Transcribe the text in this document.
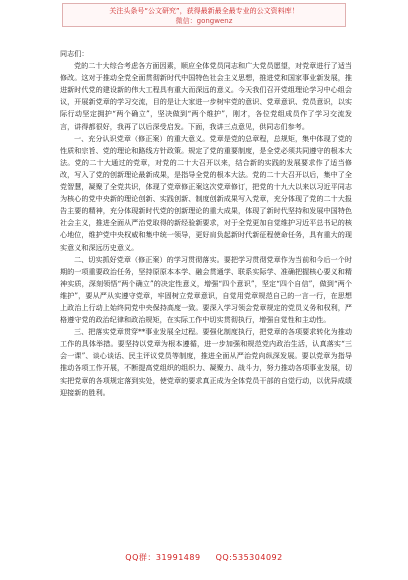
关注头条号“公文研究”，获得最新最全最专业的公文资料库！
微信：gongwenz

同志们：

党的二十大综合考虑各方面因素，顺应全体党员同志和广大党员愿望，对党章进行了适当修改。这对于推动全党全面贯彻新时代中国特色社会主义思想，推进党和国家事业新发展，推进新时代党的建设新的伟大工程具有重大而深远的意义。今天我们召开党组理论学习中心组会议，开展新党章的学习交流，目的是让大家进一步树牢党的意识、党章意识、党员意识，以实际行动坚定拥护“两个确立”，坚决做到“两个维护”，刚才，各位党组成员作了学习交流发言，讲得都很好，我再了以后深受启发。下面，我讲三点意见，供同志们参考。

一、充分认识党章（修正案）的重大意义。党章是党的总章程，总规矩，集中体现了党的性质和宗旨、党的理论和路线方针政策。规定了党的重要制度，是全党必须共同遵守的根本大法。党的二十大通过的党章，对党的二十大召开以来，结合新的实践的发展要求作了适当修改，写入了党的创新理论最新成果，是指导全党的根本大法。党的二十大召开以后，集中了全党智慧，凝聚了全党共识，体现了党章修正案这次党章修订，把党的十九大以来以习近平同志为核心的党中央新的理论创新、实践创新、制度创新成果写入党章，充分体现了党的二十大报告主要的精神，充分体现新时代党的创新理论的重大成果，体现了新时代坚持和发展中国特色社会主义，推进全面从严治党取得的新经验新要求，对于全党更加自觉维护习近平总书记的核心地位，维护党中央权威和集中统一领导，更好肩负起新时代新征程使命任务，具有重大的现实意义和深远历史意义。

二、切实抓好党章（修正案）的学习贯彻落实。要把学习贯彻党章作为当前和今后一个时期的一项重要政治任务，坚持原原本本学、融会贯通学、联系实际学、准确把握核心要义和精神实质，深刻领悟“两个确立”的决定性意义，增强“四个意识”，坚定“四个自信”，做到“两个维护”，要从严从实遵守党章，牢固树立党章意识，自觉用党章规范自己的一言一行，在思想上政治上行动上始终同党中央保持高度一致。要深入学习领会党章规定的党员义务和权利，严格遵守党的政治纪律和政治规矩，在实际工作中切实贯彻执行，增强自觉性和主动性。

三、把落实党章贯穿**事业发展全过程。要强化制度执行，把党章的各项要求转化为推动工作的具体举措。要坚持以党章为根本遵循，进一步加强和规范党内政治生活，认真落实“三会一课”、谈心谈话、民主评议党员等制度，推进全面从严治党向纵深发展。要以党章为指导推动各项工作开展，不断提高党组织的组织力、凝聚力、战斗力，努力推动各项事业发展，切实把党章的各项规定落到实处，使党章的要求真正成为全体党员干部的自觉行动，以优异成绩迎接新的胜利。

QQ群：31991489 QQ:535304092
